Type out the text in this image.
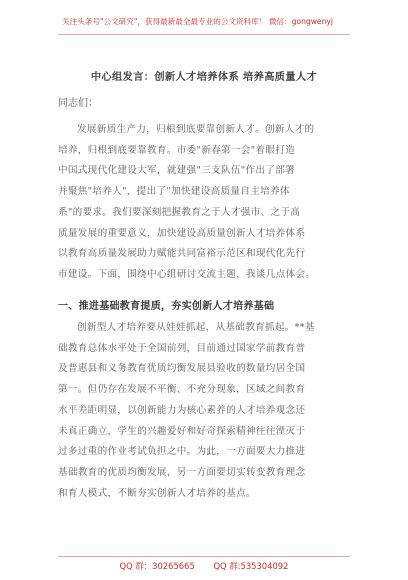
关注头条号"公文研究"，获得最新最全最专业的公文资料库！ 微信：gongwenyj
中心组发言：创新人才培养体系 培养高质量人才
同志们：
发展新质生产力，归根到底要靠创新人才。创新人才的
培养，归根到底要靠教育。市委"新春第一会"着眼打造
中国式现代化建设大军，就建强"三支队伍"作出了部署
并聚焦"培养人"，提出了"加快建设高质量自主培养体
系"的要求。我们要深刻把握教育之于人才强市、之于高
质量发展的重要意义，加快建设高质量创新人才培养体系
以教育高质量发展助力赋能共同富裕示范区和现代化先行
市建设。下面，围绕中心组研讨交流主题，我谈几点体会。
一、推进基础教育提质，夯实创新人才培养基础
创新型人才培养要从娃娃抓起，从基础教育抓起。**基
础教育总体水平处于全国前列，目前通过国家学前教育普
及普惠县和义务教育优质均衡发展县验收的数量均居全国
第一。但仍存在发展不平衡、不充分现象，区域之间教育
水平差距明显，以创新能力为核心素养的人才培养观念还
未真正确立，学生的兴趣爱好和好奇探索精神往往湮灭于
过多过重的作业考试负担之中。为此，一方面要大力推进
基础教育的优质均衡发展，另一方面要切实转变教育理念
和育人模式，不断夯实创新人才培养的基点。
QQ 群：30265665 QQ 群:535304092
